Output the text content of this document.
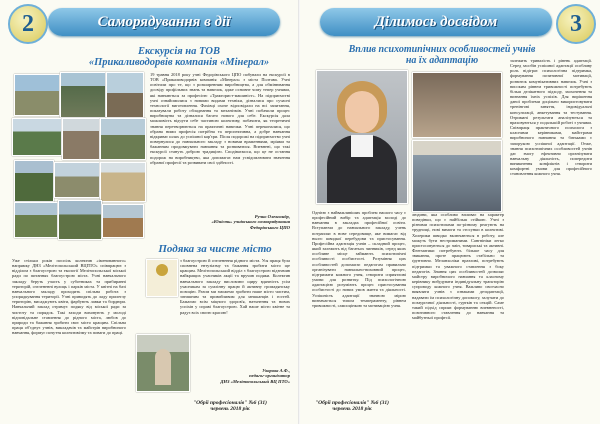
2	Саморядування в дії
Екскурсія на ТОВ
«Прикаливодорвів компанія «Мінерал»
19 травня 2018 року учні Федорівського ЦПО побували на екскурсії в ТОВ «Прикаливодорвів компанія «Мінерал» з міста Полтава. Учні освітили про те, що з розширенням виробництва, а для обмінювання досвіду профільних знань та навичок, адже основне чому тепер учнями, які навчаються за професією «Тракторист-машиніст». На підприємстві учні ознайомилися з новими видами техніки, дізналися про сучасні технології виготовлення. Фахівці охоче відповідали на всі запитання, показували роботу обладнання та механізмів. Учні побачили процес виробництва та дізналися багато нового для себе. Екскурсія дала можливість відчути себе частиною колективу, побачити, як теоретичні знання перетворюються на практичні навички. Учні переконалися, що обрана ними професія потрібна та перспективна, а добре навчання відкриває шлях до успішної кар'єри. Після подорожі на підприємство учні повернулися до навчального закладу з новими враженнями, мріями та бажанням продовжувати навчання та розвиватися. Впевнені, що такі екскурсії стануть доброю традицією. Сподіваємося, що це не остання подорож на виробництво, яка допомагає нам усвідомлювати значення обраної професії та розвивати свої здібності.
Ручко Олександр,
«Юність» учнівського самоврядування
Федорівського ЦПО
Подяка за чисте місто
Уже стільки років поспіль колектив «іменованного» напрямку ДНЗ «Мелітопольський ВЦПТО» співпрацює з відділом з благоустрою та екології Мелітопольської міської ради по питаннях благоустрою міста. Учні навчального закладу беруть участь у суботниках та прибиранні територій, озелененні вулиць і парків міста. У квітні на базі навчального закладу проходить спільна робота з упорядкування території. Учні приводять до ладу прилеглу територію, висаджують квіти, фарбують лавки та бордюри. Навчальний заклад отримує подяку від міської ради за чистоту та порядок. Такі заходи виховують у молоді відповідальне ставлення до рідного міста, любов до природи та бажання зробити своє місто кращим. Спільна праця об'єднує учнів, викладачів та майстрів виробничого навчання, формує почуття колективізму та поваги до праці.
з благоустрою й озеленення рідного міста. Уся праця була сповнена ентузіазму та бажання зробити місто ще кращим. Мелітопольський відділ з благоустрою відзначив найкращих учасників акції та вручив подяки. Колектив навчального закладу висловлює щиру вдячність усім учасникам за сумлінну працю й активну громадянську позицію. Разом ми зможемо зробити наше місто чистим, затишним та привабливим для мешканців і гостей. Бажаємо всім міцного здоров'я, натхнення та нових успіхів у справі благоустрою. Хай наше місто квітне та радує всіх своєю красою!
Уварова А.Ф.,
педагог-організатор
ДНЗ «Мелітопольський ВЦ ПТО»
"Обрії професіоналів" №6 (31) червень 2018 рік
Ділимось досвідом	3
Вплив психотипічних особливостей учнів
на їх адаптацію
Однією з найважливіших проблем нашого часу є професійний вибір та адаптація молоді до навчання в закладах професійної освіти. Вступаючи до навчального закладу, учень потрапляє в нове середовище, яке вимагає від нього швидкої перебудови та пристосування. Професійна адаптація учнів – складний процес, який залежить від багатьох чинників, серед яких особливе місце займають психотипічні особливості особистості. Розуміння цих особливостей допомагає педагогам правильно організувати навчально-виховний процес, підтримати кожного учня, створити сприятливі умови для розвитку. Під психологічною адаптацією розуміють процес пристосування особистості до нових умов життя та діяльності. Успішність адаптації значною мірою визначається типом темпераменту, рівнем тривожності, самооцінкою та мотивацією учня.
людини, яка особливо впливає на характер поведінки, що є найбільш стійкою. Учні з різними психотипами по-різному реагують на труднощі, нові вимоги та стосунки в колективі. Холерики швидко включаються в роботу, але можуть бути нестриманими. Сангвініки легко пристосовуються до змін, товариські та активні. Флегматики потребують більше часу для звикання, проте працюють стабільно та ґрунтовно. Меланхоліки вразливі, потребують підтримки та уважного ставлення з боку педагогів. Знання цих особливостей дозволяє майстру виробничого навчання та класному керівнику вибудувати індивідуальну траєкторію супроводу кожного учня. Важливо своєчасно виявляти учнів з ознаками дезадаптації, надавати їм психологічну допомогу, залучати до позаурочної діяльності, гуртків та секцій. Саме такий підхід сприяє формуванню впевненості, позитивного ставлення до навчання та майбутньої професії.
залежить тривалість і рівень адаптації. Серед засобів успішної адаптації особливу роль відіграє психологічна підтримка, формування позитивної мотивації, розвиток комунікативних навичок. Учні з високим рівнем тривожності потребують більш делікатного підходу, заохочення та визнання їхніх успіхів. Для вирішення даної проблеми доцільно використовувати тренінгові заняття, індивідуальні консультації, анкетування та тестування. Отримані результати аналізуються та враховуються у подальшій роботі з учнями. Співпраця практичного психолога з класними керівниками, майстрами виробничого навчання та батьками є запорукою успішної адаптації. Отже, знання психотипічних особливостей учнів дає змогу ефективно організувати навчальну діяльність, попередити виникнення конфліктів і створити комфортні умови для професійного становлення кожного учня.
"Обрії професіоналів" №6 (31) червень 2018 рік
